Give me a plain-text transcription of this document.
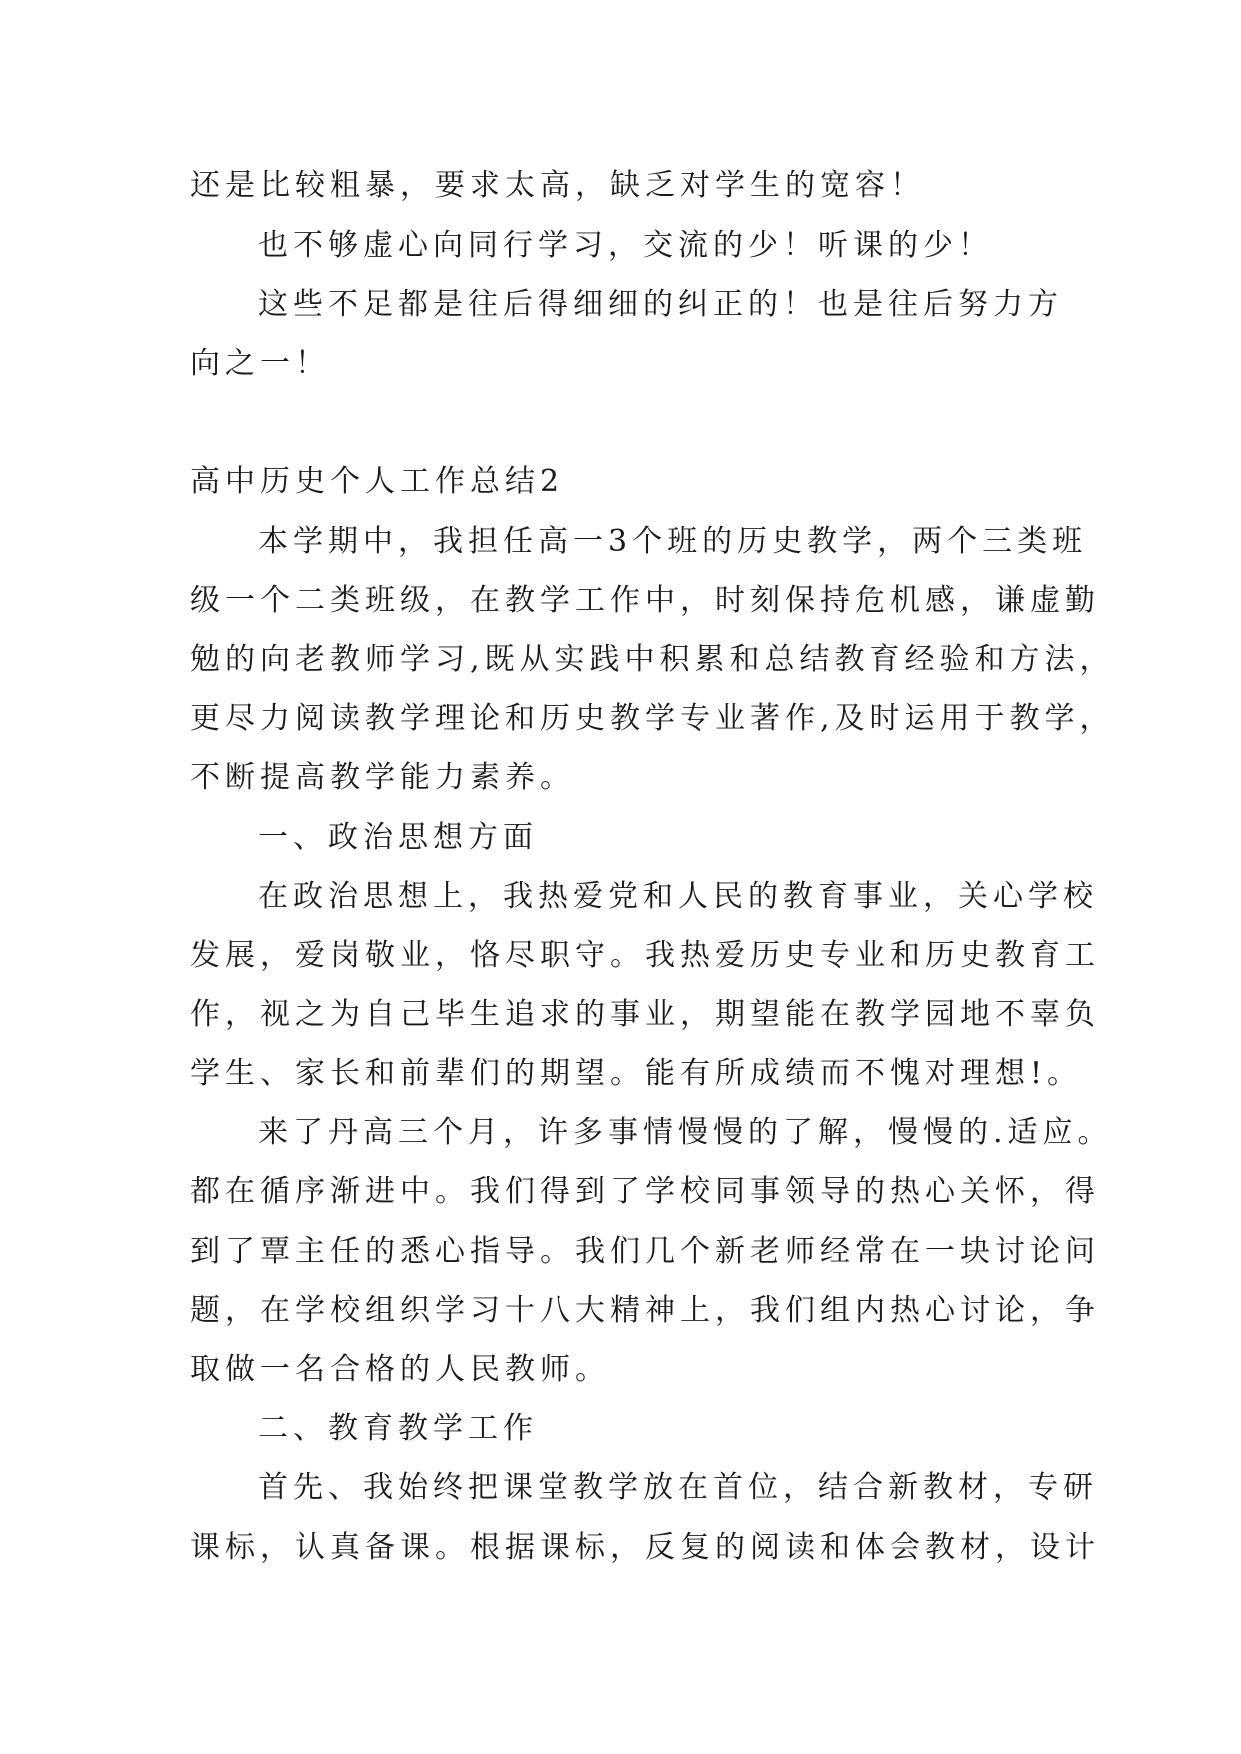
还是比较粗暴，要求太高，缺乏对学生的宽容！
也不够虚心向同行学习，交流的少！听课的少！
这些不足都是往后得细细的纠正的！也是往后努力方
向之一！
高中历史个人工作总结2
本学期中，我担任高一3个班的历史教学，两个三类班
级一个二类班级，在教学工作中，时刻保持危机感，谦虚勤
勉的向老教师学习,既从实践中积累和总结教育经验和方法，
更尽力阅读教学理论和历史教学专业著作,及时运用于教学，
不断提高教学能力素养。
一、政治思想方面
在政治思想上，我热爱党和人民的教育事业，关心学校
发展，爱岗敬业，恪尽职守。我热爱历史专业和历史教育工
作，视之为自己毕生追求的事业，期望能在教学园地不辜负
学生、家长和前辈们的期望。能有所成绩而不愧对理想!。
来了丹高三个月，许多事情慢慢的了解，慢慢的.适应。
都在循序渐进中。我们得到了学校同事领导的热心关怀，得
到了覃主任的悉心指导。我们几个新老师经常在一块讨论问
题，在学校组织学习十八大精神上，我们组内热心讨论，争
取做一名合格的人民教师。
二、教育教学工作
首先、我始终把课堂教学放在首位，结合新教材，专研
课标，认真备课。根据课标，反复的阅读和体会教材，设计
